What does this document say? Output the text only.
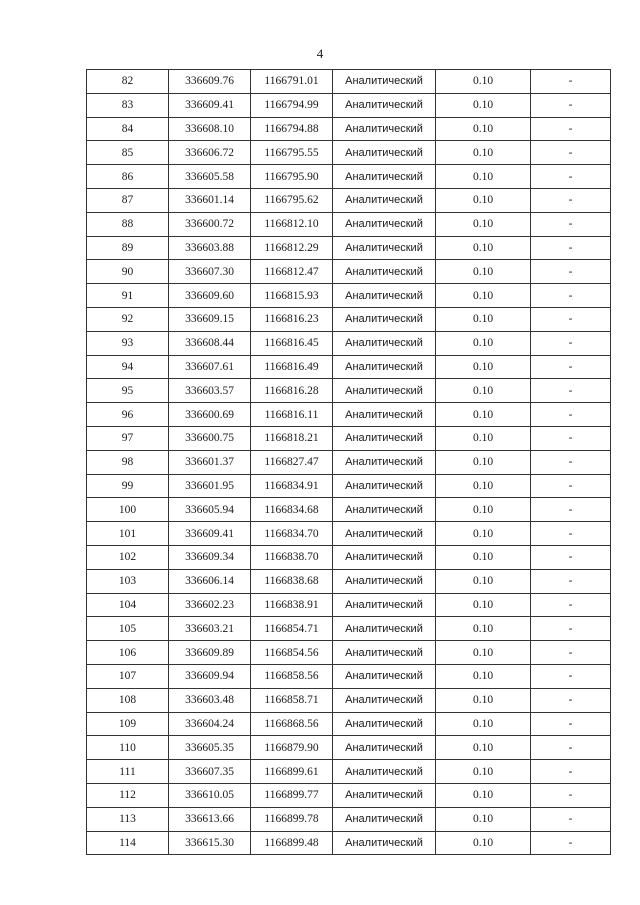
4
82	336609.76	1166791.01	Аналитический	0.10	-
83	336609.41	1166794.99	Аналитический	0.10	-
84	336608.10	1166794.88	Аналитический	0.10	-
85	336606.72	1166795.55	Аналитический	0.10	-
86	336605.58	1166795.90	Аналитический	0.10	-
87	336601.14	1166795.62	Аналитический	0.10	-
88	336600.72	1166812.10	Аналитический	0.10	-
89	336603.88	1166812.29	Аналитический	0.10	-
90	336607.30	1166812.47	Аналитический	0.10	-
91	336609.60	1166815.93	Аналитический	0.10	-
92	336609.15	1166816.23	Аналитический	0.10	-
93	336608.44	1166816.45	Аналитический	0.10	-
94	336607.61	1166816.49	Аналитический	0.10	-
95	336603.57	1166816.28	Аналитический	0.10	-
96	336600.69	1166816.11	Аналитический	0.10	-
97	336600.75	1166818.21	Аналитический	0.10	-
98	336601.37	1166827.47	Аналитический	0.10	-
99	336601.95	1166834.91	Аналитический	0.10	-
100	336605.94	1166834.68	Аналитический	0.10	-
101	336609.41	1166834.70	Аналитический	0.10	-
102	336609.34	1166838.70	Аналитический	0.10	-
103	336606.14	1166838.68	Аналитический	0.10	-
104	336602.23	1166838.91	Аналитический	0.10	-
105	336603.21	1166854.71	Аналитический	0.10	-
106	336609.89	1166854.56	Аналитический	0.10	-
107	336609.94	1166858.56	Аналитический	0.10	-
108	336603.48	1166858.71	Аналитический	0.10	-
109	336604.24	1166868.56	Аналитический	0.10	-
110	336605.35	1166879.90	Аналитический	0.10	-
111	336607.35	1166899.61	Аналитический	0.10	-
112	336610.05	1166899.77	Аналитический	0.10	-
113	336613.66	1166899.78	Аналитический	0.10	-
114	336615.30	1166899.48	Аналитический	0.10	-
